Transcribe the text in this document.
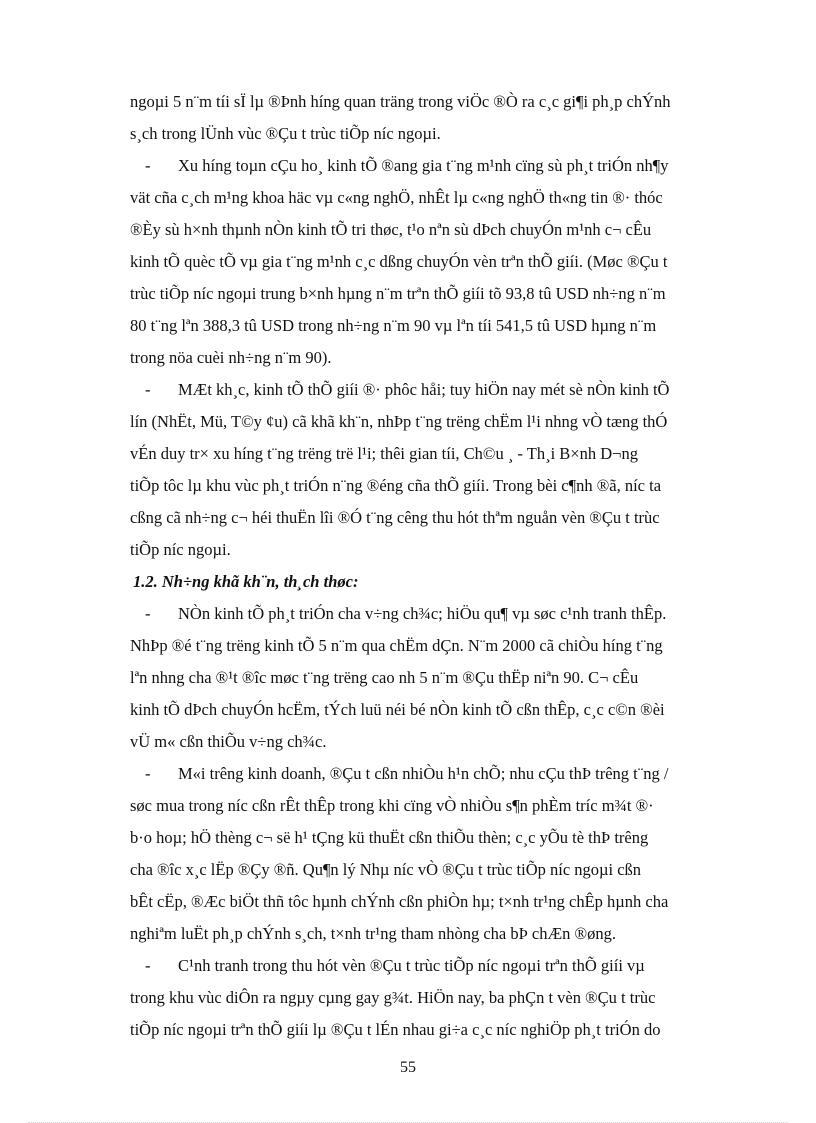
ngoµi 5 n¨m tíi sÏ lµ ®Þnh híng quan träng trong viÖc ®Ò ra c¸c gi¶i ph¸p chÝnh
s¸ch trong lÜnh vùc ®Çu t trùc tiÕp níc ngoµi.
- Xu híng toµn cÇu ho¸ kinh tÕ ®ang gia t¨ng m¹nh cïng sù ph¸t triÓn nh¶y
vät cña c¸ch m¹ng khoa häc vµ c«ng nghÖ, nhÊt lµ c«ng nghÖ th«ng tin ®· thóc
®Èy sù h×nh thµnh nÒn kinh tÕ tri thøc, t¹o nªn sù dÞch chuyÓn m¹nh c¬ cÊu
kinh tÕ quèc tÕ vµ gia t¨ng m¹nh c¸c dßng chuyÓn vèn trªn thÕ giíi. (Møc ®Çu t
trùc tiÕp níc ngoµi trung b×nh hµng n¨m trªn thÕ giíi tõ 93,8 tû USD nh÷ng n¨m
80 t¨ng lªn 388,3 tû USD trong nh÷ng n¨m 90 vµ lªn tíi 541,5 tû USD hµng n¨m
trong nöa cuèi nh÷ng n¨m 90).
- MÆt kh¸c, kinh tÕ thÕ giíi ®· phôc håi; tuy hiÖn nay mét sè nÒn kinh tÕ
lín (NhËt, Mü, T©y ¢u) cã khã kh¨n, nhÞp t¨ng trëng chËm l¹i nhng vÒ tæng thÓ
vÉn duy tr× xu híng t¨ng trëng trë l¹i; thêi gian tíi, Ch©u ¸ - Th¸i B×nh D¬ng
tiÕp tôc lµ khu vùc ph¸t triÓn n¨ng ®éng cña thÕ giíi. Trong bèi c¶nh ®ã, níc ta
cßng cã nh÷ng c¬ héi thuËn lîi ®Ó t¨ng cêng thu hót thªm nguån vèn ®Çu t trùc
tiÕp níc ngoµi.
1.2. Nh÷ng khã kh¨n, th¸ch thøc:
- NÒn kinh tÕ ph¸t triÓn cha v÷ng ch¾c; hiÖu qu¶ vµ søc c¹nh tranh thÊp.
NhÞp ®é t¨ng trëng kinh tÕ 5 n¨m qua chËm dÇn. N¨m 2000 cã chiÒu híng t¨ng
lªn nhng cha ®¹t ®îc møc t¨ng trëng cao nh 5 n¨m ®Çu thËp niªn 90. C¬ cÊu
kinh tÕ dÞch chuyÓn hcËm, tÝch luü néi bé nÒn kinh tÕ cßn thÊp, c¸c c©n ®èi
vÜ m« cßn thiÕu v÷ng ch¾c.
- M«i trêng kinh doanh, ®Çu t cßn nhiÒu h¹n chÕ; nhu cÇu thÞ trêng t¨ng /
søc mua trong níc cßn rÊt thÊp trong khi cïng vÒ nhiÒu s¶n phÈm tríc m¾t ®·
b·o hoµ; hÖ thèng c¬ së h¹ tÇng kü thuËt cßn thiÕu thèn; c¸c yÕu tè thÞ trêng
cha ®îc x¸c lËp ®Çy ®ñ. Qu¶n lý Nhµ níc vÒ ®Çu t trùc tiÕp níc ngoµi cßn
bÊt cËp, ®Æc biÖt thñ tôc hµnh chÝnh cßn phiÒn hµ; t×nh tr¹ng chÊp hµnh cha
nghiªm luËt ph¸p chÝnh s¸ch, t×nh tr¹ng tham nhòng cha bÞ chÆn ®øng.
- C¹nh tranh trong thu hót vèn ®Çu t trùc tiÕp níc ngoµi trªn thÕ giíi vµ
trong khu vùc diÔn ra ngµy cµng gay g¾t. HiÖn nay, ba phÇn t vèn ®Çu t trùc
tiÕp níc ngoµi trªn thÕ giíi lµ ®Çu t lÉn nhau gi÷a c¸c níc nghiÖp ph¸t triÓn do
55
